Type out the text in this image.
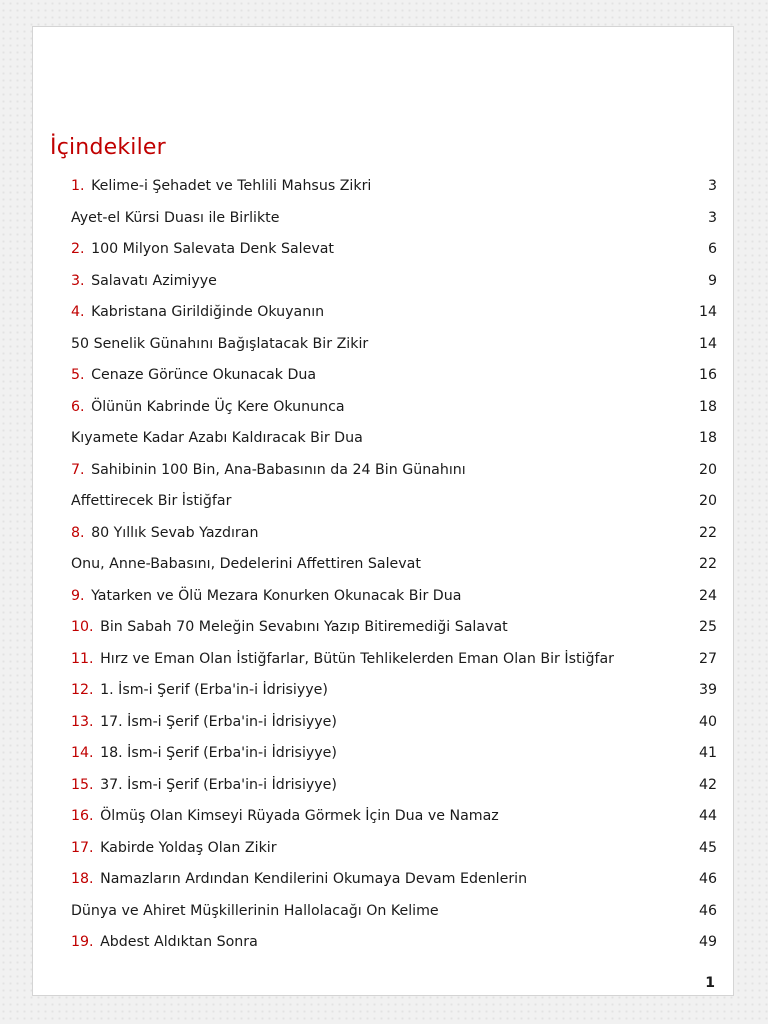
İçindekiler
1. Kelime-i Şehadet ve Tehlili Mahsus Zikri	3
Ayet-el Kürsi Duası ile Birlikte	3
2. 100 Milyon Salevata Denk Salevat	6
3. Salavatı Azimiyye	9
4. Kabristana Girildiğinde Okuyanın	14
50 Senelik Günahını Bağışlatacak Bir Zikir	14
5. Cenaze Görünce Okunacak Dua	16
6. Ölünün Kabrinde Üç Kere Okununca	18
Kıyamete Kadar Azabı Kaldıracak Bir Dua	18
7. Sahibinin 100 Bin, Ana-Babasının da 24 Bin Günahını	20
Affettirecek Bir İstiğfar	20
8. 80 Yıllık Sevab Yazdıran	22
Onu, Anne-Babasını, Dedelerini Affettiren Salevat	22
9. Yatarken ve Ölü Mezara Konurken Okunacak Bir Dua	24
10. Bin Sabah 70 Meleğin Sevabını Yazıp Bitiremediği Salavat	25
11. Hırz ve Eman Olan İstiğfarlar, Bütün Tehlikelerden Eman Olan Bir İstiğfar	27
12. 1. İsm-i Şerif (Erba'in-i İdrisiyye)	39
13. 17. İsm-i Şerif (Erba'in-i İdrisiyye)	40
14. 18. İsm-i Şerif (Erba'in-i İdrisiyye)	41
15. 37. İsm-i Şerif (Erba'in-i İdrisiyye)	42
16. Ölmüş Olan Kimseyi Rüyada Görmek İçin Dua ve Namaz	44
17. Kabirde Yoldaş Olan Zikir	45
18. Namazların Ardından Kendilerini Okumaya Devam Edenlerin	46
Dünya ve Ahiret Müşkillerinin Hallolacağı On Kelime	46
19. Abdest Aldıktan Sonra	49
1
